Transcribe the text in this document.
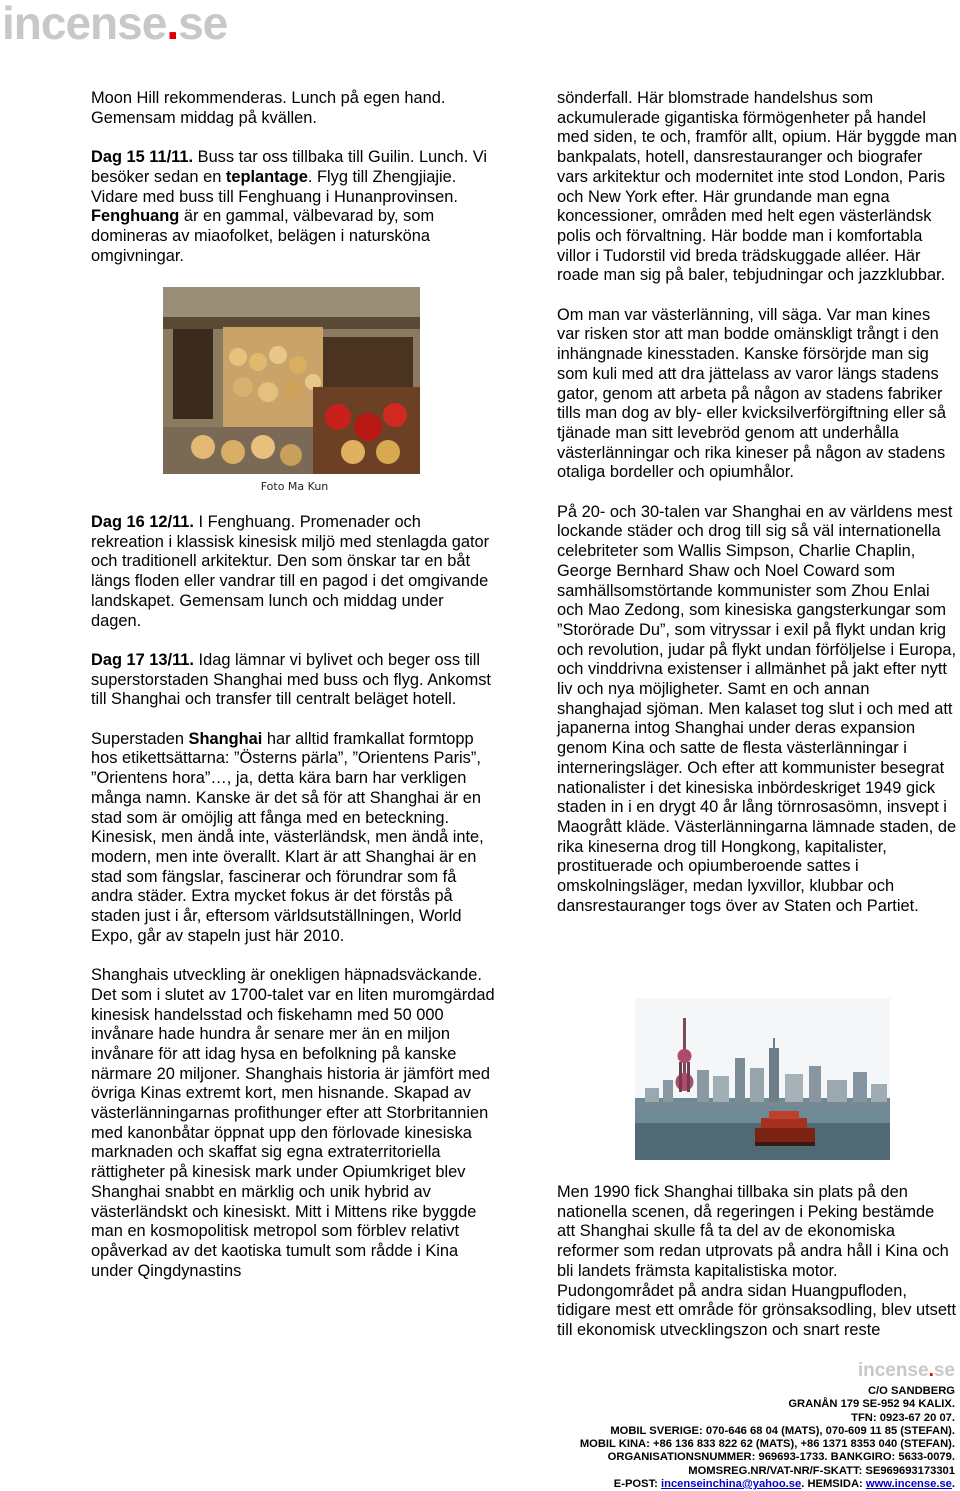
incense.se

Moon Hill rekommenderas. Lunch på egen hand.
Gemensam middag på kvällen.

Dag 15 11/11. Buss tar oss tillbaka till Guilin. Lunch. Vi besöker sedan en teplantage. Flyg till Zhengjiajie. Vidare med buss till Fenghuang i Hunanprovinsen. Fenghuang är en gammal, välbevarad by, som domineras av miaofolket, belägen i natursköna omgivningar.

Foto Ma Kun

Dag 16 12/11. I Fenghuang. Promenader och rekreation i klassisk kinesisk miljö med stenlagda gator och traditionell arkitektur. Den som önskar tar en båt längs floden eller vandrar till en pagod i det omgivande landskapet. Gemensam lunch och middag under dagen.

Dag 17 13/11. Idag lämnar vi bylivet och beger oss till superstorstaden Shanghai med buss och flyg. Ankomst till Shanghai och transfer till centralt beläget hotell.

Superstaden Shanghai har alltid framkallat formtopp hos etikettsättarna: ”Österns pärla”, ”Orientens Paris”, ”Orientens hora”…, ja, detta kära barn har verkligen många namn. Kanske är det så för att Shanghai är en stad som är omöjlig att fånga med en beteckning. Kinesisk, men ändå inte, västerländsk, men ändå inte, modern, men inte överallt. Klart är att Shanghai är en stad som fängslar, fascinerar och förundrar som få andra städer. Extra mycket fokus är det förstås på staden just i år, eftersom världsutställningen, World Expo, går av stapeln just här 2010.

Shanghais utveckling är onekligen häpnadsväckande. Det som i slutet av 1700-talet var en liten muromgärdad kinesisk handelsstad och fiskehamn med 50 000 invånare hade hundra år senare mer än en miljon invånare för att idag hysa en befolkning på kanske närmare 20 miljoner. Shanghais historia är jämfört med övriga Kinas extremt kort, men hisnande. Skapad av västerlänningarnas profithunger efter att Storbritannien med kanonbåtar öppnat upp den förlovade kinesiska marknaden och skaffat sig egna extraterritoriella rättigheter på kinesisk mark under Opiumkriget blev Shanghai snabbt en märklig och unik hybrid av västerländskt och kinesiskt. Mitt i Mittens rike byggde man en kosmopolitisk metropol som förblev relativt opåverkad av det kaotiska tumult som rådde i Kina under Qingdynastins

sönderfall. Här blomstrade handelshus som ackumulerade gigantiska förmögenheter på handel med siden, te och, framför allt, opium. Här byggde man bankpalats, hotell, dansrestauranger och biografer vars arkitektur och modernitet inte stod London, Paris och New York efter. Här grundande man egna koncessioner, områden med helt egen västerländsk polis och förvaltning. Här bodde man i komfortabla villor i Tudorstil vid breda trädskuggade alléer. Här roade man sig på baler, tebjudningar och jazzklubbar.

Om man var västerlänning, vill säga. Var man kines var risken stor att man bodde omänskligt trångt i den inhängnade kinesstaden. Kanske försörjde man sig som kuli med att dra jättelass av varor längs stadens gator, genom att arbeta på någon av stadens fabriker tills man dog av bly- eller kvicksilverförgiftning eller så tjänade man sitt levebröd genom att underhålla västerlänningar och rika kineser på någon av stadens otaliga bordeller och opiumhålor.

På 20- och 30-talen var Shanghai en av världens mest lockande städer och drog till sig så väl internationella celebriteter som Wallis Simpson, Charlie Chaplin, George Bernhard Shaw och Noel Coward som samhällsomstörtande kommunister som Zhou Enlai och Mao Zedong, som kinesiska gangsterkungar som ”Storörade Du”, som vitryssar i exil på flykt undan krig och revolution, judar på flykt undan förföljelse i Europa, och vinddrivna existenser i allmänhet på jakt efter nytt liv och nya möjligheter. Samt en och annan shanghajad sjöman. Men kalaset tog slut i och med att japanerna intog Shanghai under deras expansion genom Kina och satte de flesta västerlänningar i interneringsläger. Och efter att kommunister besegrat nationalister i det kinesiska inbördeskriget 1949 gick staden in i en drygt 40 år lång törnrosasömn, insvept i Maogrått kläde. Västerlänningarna lämnade staden, de rika kineserna drog till Hongkong, kapitalister, prostituerade och opiumberoende sattes i omskolningsläger, medan lyxvillor, klubbar och dansrestauranger togs över av Staten och Partiet.

Men 1990 fick Shanghai tillbaka sin plats på den nationella scenen, då regeringen i Peking bestämde att Shanghai skulle få ta del av de ekonomiska reformer som redan utprovats på andra håll i Kina och bli landets främsta kapitalistiska motor. Pudongområdet på andra sidan Huangpufloden, tidigare mest ett område för grönsaksodling, blev utsett till ekonomisk utvecklingszon och snart reste

incense.se
C/O SANDBERG
GRANÅN 179 SE-952 94 KALIX.
TFN: 0923-67 20 07.
MOBIL SVERIGE: 070-646 68 04 (MATS), 070-609 11 85 (STEFAN).
MOBIL KINA: +86 136 833 822 62 (MATS), +86 1371 8353 040 (STEFAN).
ORGANISATIONSNUMMER: 969693-1733. BANKGIRO: 5633-0079.
MOMSREG.NR/VAT-NR/F-SKATT: SE969693173301
E-POST: incenseinchina@yahoo.se. HEMSIDA: www.incense.se.
